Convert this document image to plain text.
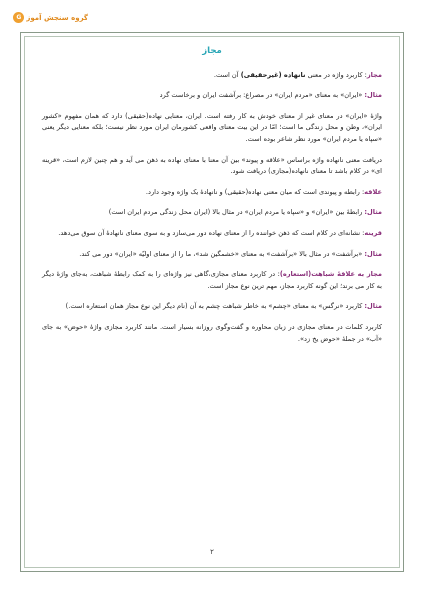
گروه سنجش آموز
G
مجاز

مجاز: کاربرد واژه در معنی نانهاده (غیرحقیقی) آن است.

مثال: «ایران» به معنای «مردم ایران» در مصراع: برآشفت ایران و برخاست گرد

واژهٔ «ایران» در معنای غیر از معنای خودش به کار رفته است. ایران، معنایی نهاده(حقیقی) دارد که همان مفهوم «کشور ایران»، وطن و محل زندگی ما است؛ امّا در این بیت معنای واقعی کشورمان ایران مورد نظر نیست؛ بلکه معنایی دیگر یعنی «سپاه یا مردم ایران» مورد نظر شاعر بوده است.

دریافت معنی نانهاده واژه براساس «علاقه و پیوند» بین آن معنا با معنای نهاده به ذهن می آید و هم چنین لازم است، «قرینه ای» در کلام باشد تا معنای نانهاده(مجازی) دریافت شود.

علاقه: رابطه و پیوندی است که میان معنی نهاده(حقیقی) و نانهادهٔ یک واژه وجود دارد.

مثال: رابطهٔ بین «ایران» و «سپاه یا مردم ایران» در مثال بالا (ایران محل زندگی مردم ایران است)

قرینه: نشانه‌ای در کلام است که ذهن خواننده را از معنای نهاده دور می‌سازد و به سوی معنای نانهادهٔ آن سوق می‌دهد.

مثال: «برآشفت» در مثال بالا «برآشفت» به معنای «خشمگین شد»، ما را از معنای اولیّه «ایران» دور می کند.

مجاز به علاقهٔ شباهت(استعاره): در کاربرد معنای مجازی،گاهی نیز واژه‌ای را به کمک رابطهٔ شباهت، به‌جای واژهٔ دیگر به کار می برند؛ این گونه کاربرد مجاز، مهم ترین نوع مجاز است.

مثال: کاربرد «نرگس» به معنای «چشم» به خاطر شباهت چشم به آن (نام دیگر این نوع مجاز همان استعاره است.)

کاربرد کلمات در معنای مجازی در زبان محاوره و گفت‌وگوی روزانه بسیار است. مانند کاربرد مجازی واژهٔ «حوض» به جای «آب» در جملهٔ «حوض یخ زد».

۲
